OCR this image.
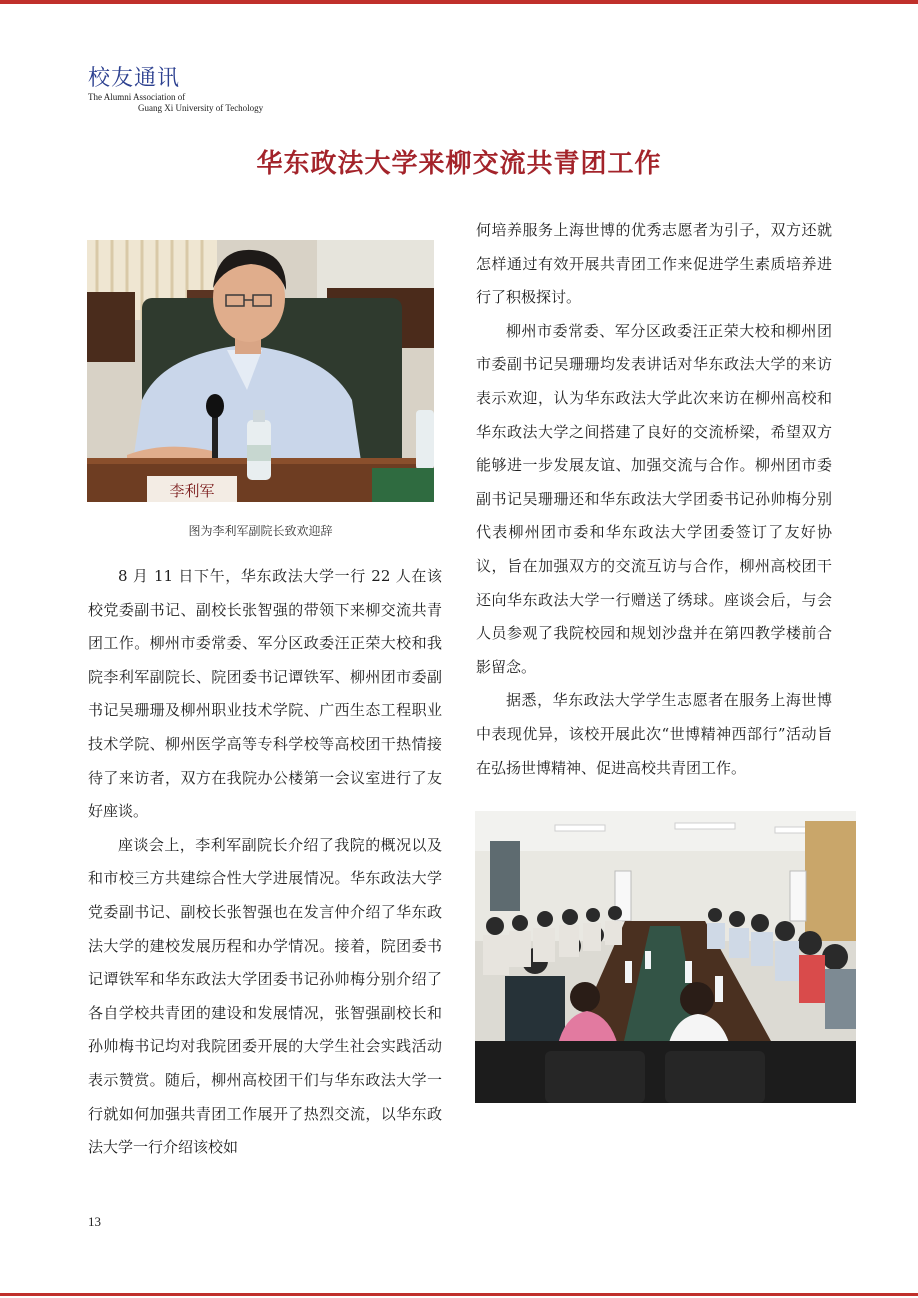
校友通讯
The Alumni Association of
Guang Xi University of Techology
华东政法大学来柳交流共青团工作
李利军
图为李利军副院长致欢迎辞

8 月 11 日下午，华东政法大学一行 22 人在该校党委副书记、副校长张智强的带领下来柳交流共青团工作。柳州市委常委、军分区政委汪正荣大校和我院李利军副院长、院团委书记谭铁军、柳州团市委副书记吴珊珊及柳州职业技术学院、广西生态工程职业技术学院、柳州医学高等专科学校等高校团干热情接待了来访者，双方在我院办公楼第一会议室进行了友好座谈。

座谈会上，李利军副院长介绍了我院的概况以及和市校三方共建综合性大学进展情况。华东政法大学党委副书记、副校长张智强也在发言仲介绍了华东政法大学的建校发展历程和办学情况。接着，院团委书记谭铁军和华东政法大学团委书记孙帅梅分别介绍了各自学校共青团的建设和发展情况，张智强副校长和孙帅梅书记均对我院团委开展的大学生社会实践活动表示赞赏。随后，柳州高校团干们与华东政法大学一行就如何加强共青团工作展开了热烈交流，以华东政法大学一行介绍该校如

何培养服务上海世博的优秀志愿者为引子，双方还就怎样通过有效开展共青团工作来促进学生素质培养进行了积极探讨。

柳州市委常委、军分区政委汪正荣大校和柳州团市委副书记吴珊珊均发表讲话对华东政法大学的来访表示欢迎，认为华东政法大学此次来访在柳州高校和华东政法大学之间搭建了良好的交流桥梁，希望双方能够进一步发展友谊、加强交流与合作。柳州团市委副书记吴珊珊还和华东政法大学团委书记孙帅梅分别代表柳州团市委和华东政法大学团委签订了友好协议，旨在加强双方的交流互访与合作，柳州高校团干还向华东政法大学一行赠送了绣球。座谈会后，与会人员参观了我院校园和规划沙盘并在第四教学楼前合影留念。

据悉，华东政法大学学生志愿者在服务上海世博中表现优异，该校开展此次“世博精神西部行”活动旨在弘扬世博精神、促进高校共青团工作。

13
